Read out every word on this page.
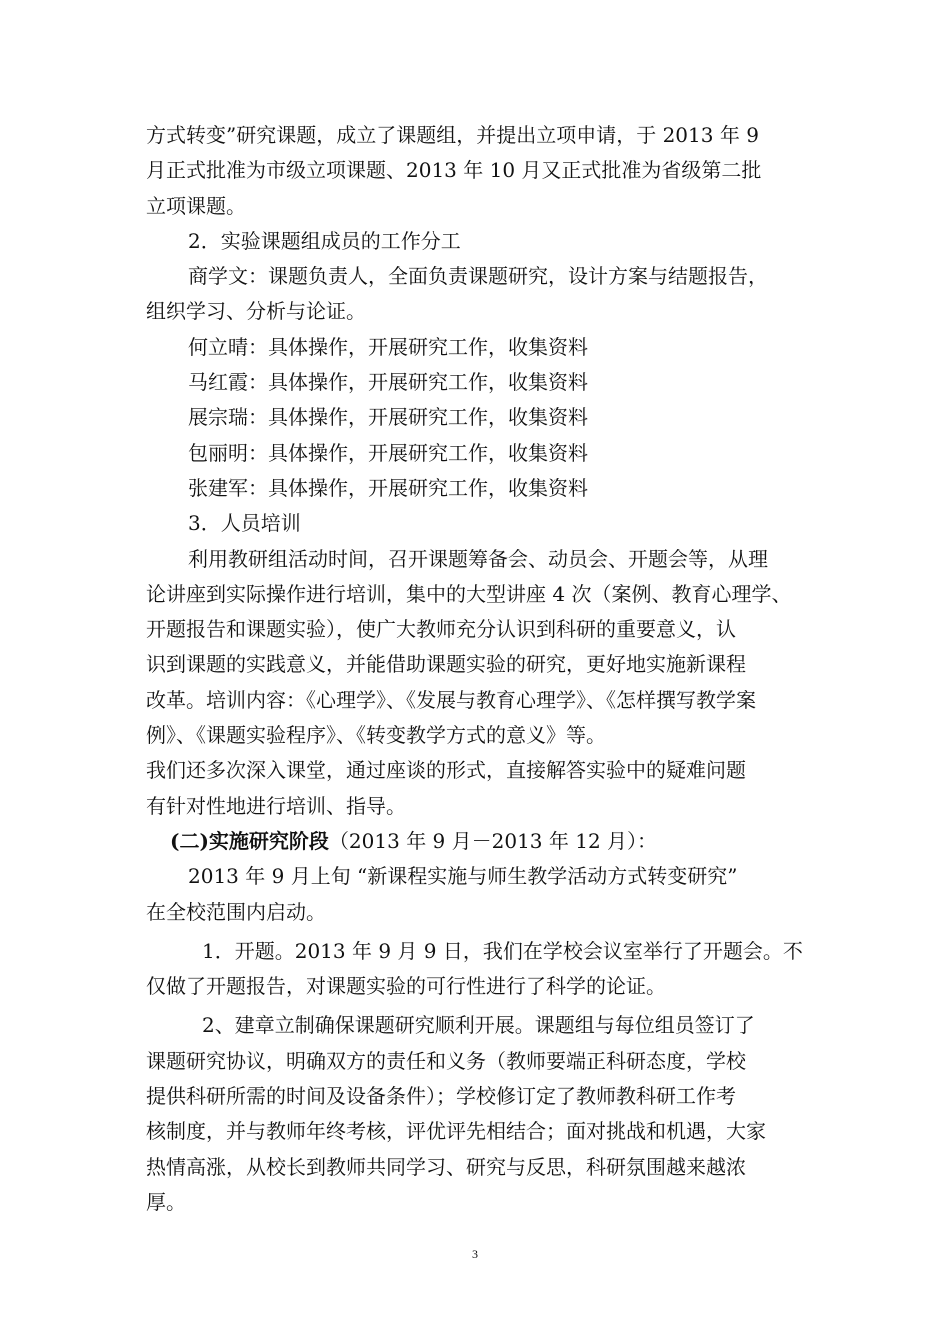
方式转变”研究课题，成立了课题组，并提出立项申请，于 2013 年 9
月正式批准为市级立项课题、2013 年 10 月又正式批准为省级第二批
立项课题。
2．实验课题组成员的工作分工
商学文：课题负责人，全面负责课题研究，设计方案与结题报告，
组织学习、分析与论证。
何立晴：具体操作，开展研究工作，收集资料
马红霞：具体操作，开展研究工作，收集资料
展宗瑞：具体操作，开展研究工作，收集资料
包丽明：具体操作，开展研究工作，收集资料
张建军：具体操作，开展研究工作，收集资料
3．人员培训
利用教研组活动时间，召开课题筹备会、动员会、开题会等，从理
论讲座到实际操作进行培训，集中的大型讲座 4 次（案例、教育心理学、
开题报告和课题实验），使广大教师充分认识到科研的重要意义，认
识到课题的实践意义，并能借助课题实验的研究，更好地实施新课程
改革。培训内容：《心理学》、《发展与教育心理学》、《怎样撰写教学案
例》、《课题实验程序》、《转变教学方式的意义》等。
我们还多次深入课堂，通过座谈的形式，直接解答实验中的疑难问题
有针对性地进行培训、指导。
(二)实施研究阶段（2013 年 9 月－2013 年 12 月）：
2013 年 9 月上旬 “新课程实施与师生教学活动方式转变研究”
在全校范围内启动。
1．开题。2013 年 9 月 9 日，我们在学校会议室举行了开题会。不
仅做了开题报告，对课题实验的可行性进行了科学的论证。
2、建章立制确保课题研究顺利开展。课题组与每位组员签订了
课题研究协议，明确双方的责任和义务（教师要端正科研态度，学校
提供科研所需的时间及设备条件）；学校修订定了教师教科研工作考
核制度，并与教师年终考核，评优评先相结合；面对挑战和机遇，大家
热情高涨，从校长到教师共同学习、研究与反思，科研氛围越来越浓
厚。
3
